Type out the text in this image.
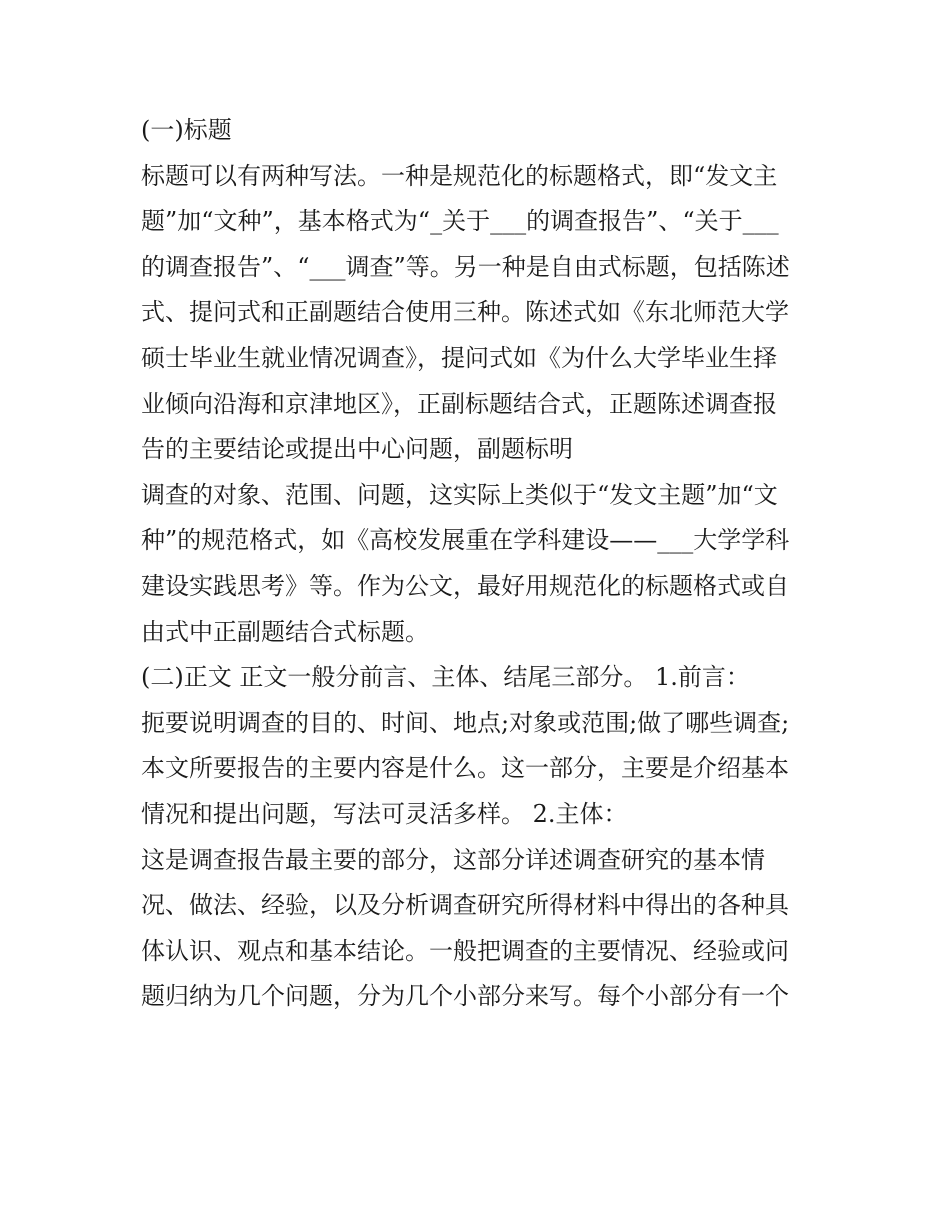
(一)标题
标题可以有两种写法。一种是规范化的标题格式，即“发文主
题”加“文种”，基本格式为“_关于___的调查报告”、“关于___
的调查报告”、“___调查”等。另一种是自由式标题，包括陈述
式、提问式和正副题结合使用三种。陈述式如《东北师范大学
硕士毕业生就业情况调查》，提问式如《为什么大学毕业生择
业倾向沿海和京津地区》，正副标题结合式，正题陈述调查报
告的主要结论或提出中心问题，副题标明
调查的对象、范围、问题，这实际上类似于“发文主题”加“文
种”的规范格式，如《高校发展重在学科建设——___大学学科
建设实践思考》等。作为公文，最好用规范化的标题格式或自
由式中正副题结合式标题。
(二)正文 正文一般分前言、主体、结尾三部分。 1.前言：
扼要说明调查的目的、时间、地点;对象或范围;做了哪些调查;
本文所要报告的主要内容是什么。这一部分，主要是介绍基本
情况和提出问题，写法可灵活多样。 2.主体：
这是调查报告最主要的部分，这部分详述调查研究的基本情
况、做法、经验，以及分析调查研究所得材料中得出的各种具
体认识、观点和基本结论。一般把调查的主要情况、经验或问
题归纳为几个问题，分为几个小部分来写。每个小部分有一个
